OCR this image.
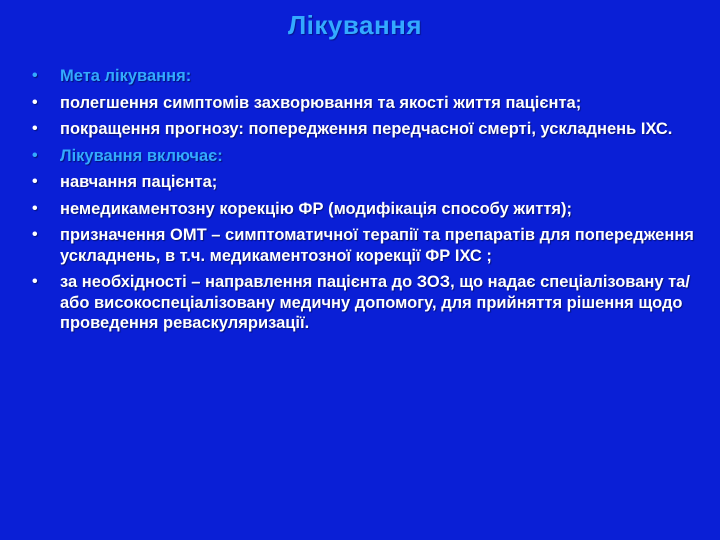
Лікування
• Мета лікування:
• полегшення симптомів захворювання та якості життя пацієнта;
• покращення прогнозу: попередження передчасної смерті, ускладнень ІХС.
• Лікування включає:
• навчання пацієнта;
• немедикаментозну корекцію ФР (модифікація способу життя);
• призначення ОМТ – симптоматичної терапії та препаратів для попередження ускладнень, в т.ч. медикаментозної корекції ФР ІХС ;
• за необхідності – направлення пацієнта до ЗОЗ, що надає спеціалізовану та/або високоспеціалізовану медичну допомогу, для прийняття рішення щодо проведення реваскуляризації.
